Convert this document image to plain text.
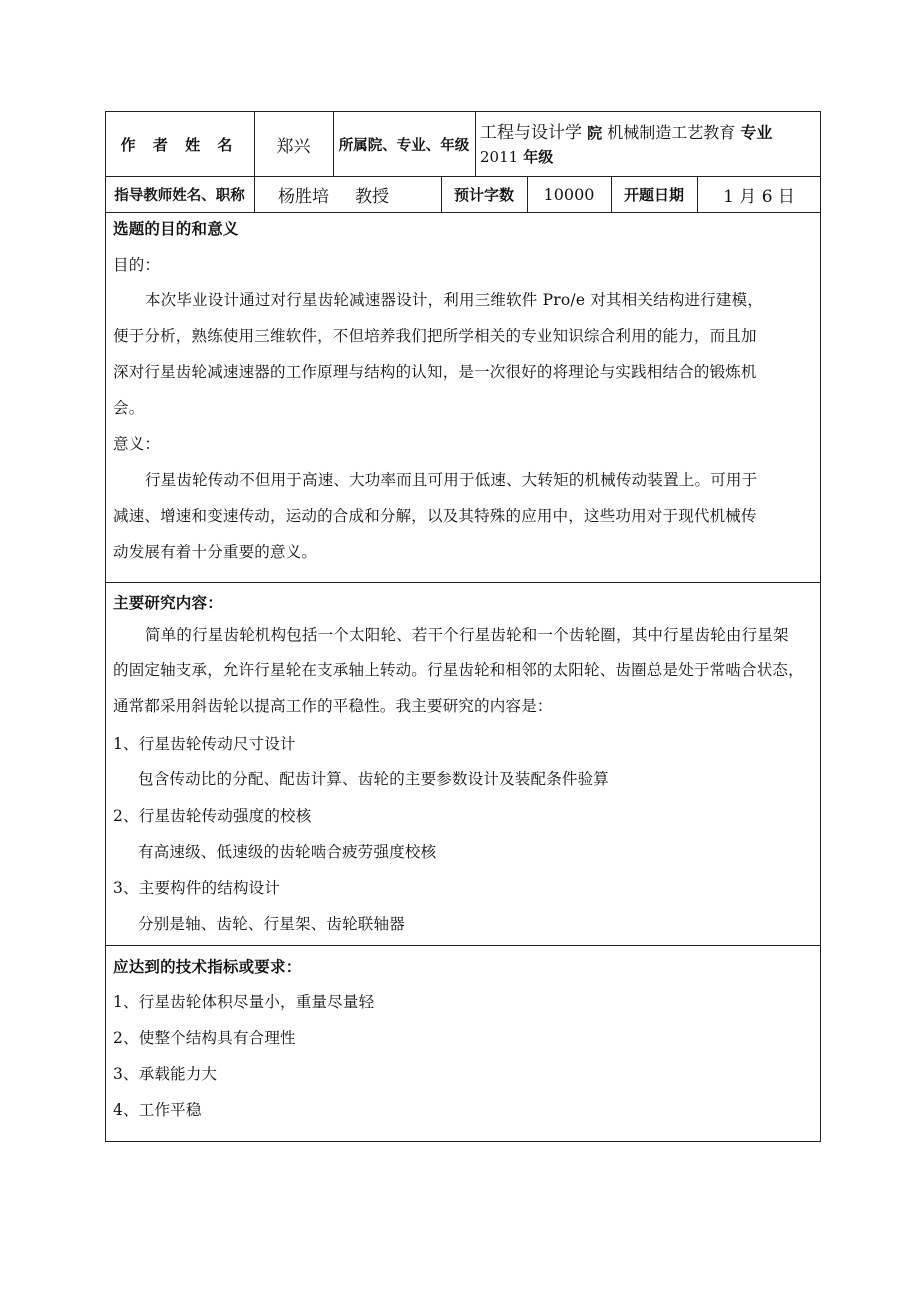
作 者 姓 名	郑兴	所属院、专业、年级
工程与设计学 院 机械制造工艺教育 专业
2011 年级
指导教师姓名、职称	杨胜培 教授	预计字数	10000	开题日期	1 月 6 日
选题的目的和意义
目的：
本次毕业设计通过对行星齿轮减速器设计，利用三维软件 Pro/e 对其相关结构进行建模，
便于分析，熟练使用三维软件，不但培养我们把所学相关的专业知识综合利用的能力，而且加
深对行星齿轮减速速器的工作原理与结构的认知，是一次很好的将理论与实践相结合的锻炼机
会。
意义：
行星齿轮传动不但用于高速、大功率而且可用于低速、大转矩的机械传动装置上。可用于
减速、增速和变速传动，运动的合成和分解，以及其特殊的应用中，这些功用对于现代机械传
动发展有着十分重要的意义。
主要研究内容：
简单的行星齿轮机构包括一个太阳轮、若干个行星齿轮和一个齿轮圈，其中行星齿轮由行星架
的固定轴支承，允许行星轮在支承轴上转动。行星齿轮和相邻的太阳轮、齿圈总是处于常啮合状态，
通常都采用斜齿轮以提高工作的平稳性。我主要研究的内容是：
1、行星齿轮传动尺寸设计
包含传动比的分配、配齿计算、齿轮的主要参数设计及装配条件验算
2、行星齿轮传动强度的校核
有高速级、低速级的齿轮啮合疲劳强度校核
3、主要构件的结构设计
分别是轴、齿轮、行星架、齿轮联轴器
应达到的技术指标或要求：
1、行星齿轮体积尽量小，重量尽量轻
2、使整个结构具有合理性
3、承载能力大
4、工作平稳
